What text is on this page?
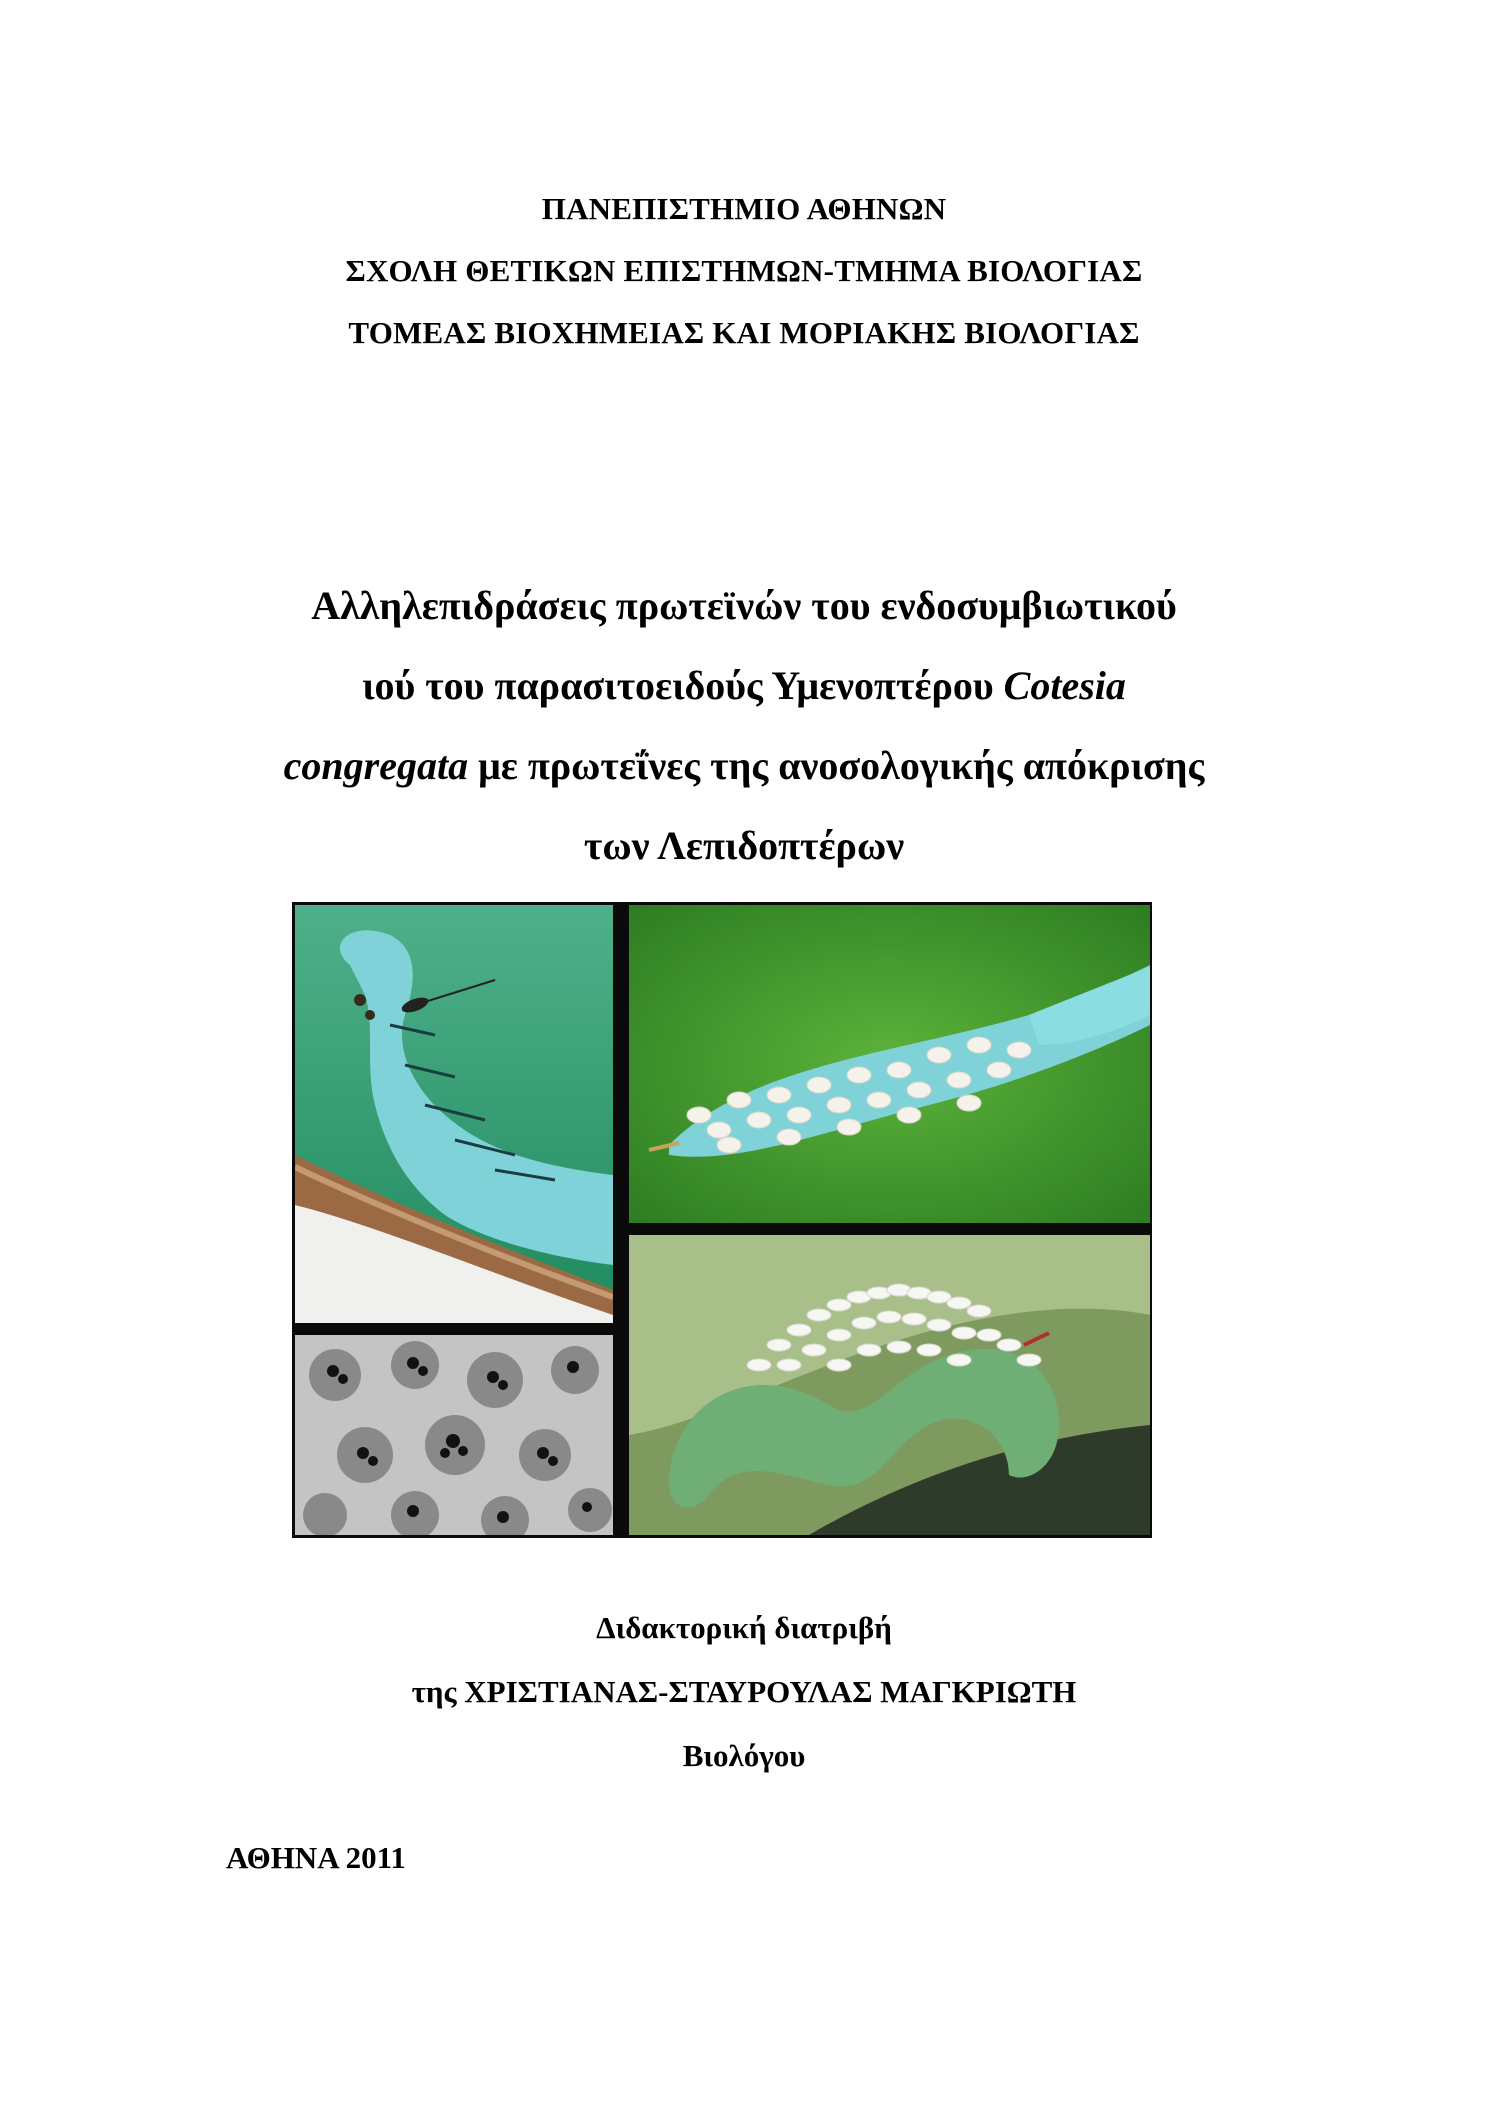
ΠΑΝΕΠΙΣΤΗΜΙΟ ΑΘΗΝΩΝ
ΣΧΟΛΗ ΘΕΤΙΚΩΝ ΕΠΙΣΤΗΜΩΝ-ΤΜΗΜΑ ΒΙΟΛΟΓΙΑΣ
ΤΟΜΕΑΣ ΒΙΟΧΗΜΕΙΑΣ ΚΑΙ ΜΟΡΙΑΚΗΣ ΒΙΟΛΟΓΙΑΣ
Αλληλεπιδράσεις πρωτεϊνών του ενδοσυμβιωτικού
ιού του παρασιτοειδούς Υμενοπτέρου Cotesia
congregata με πρωτεΐνες της ανοσολογικής απόκρισης
των Λεπιδοπτέρων
Διδακτορική διατριβή
της ΧΡΙΣΤΙΑΝΑΣ-ΣΤΑΥΡΟΥΛΑΣ ΜΑΓΚΡΙΩΤΗ
Βιολόγου
ΑΘΗΝΑ 2011
